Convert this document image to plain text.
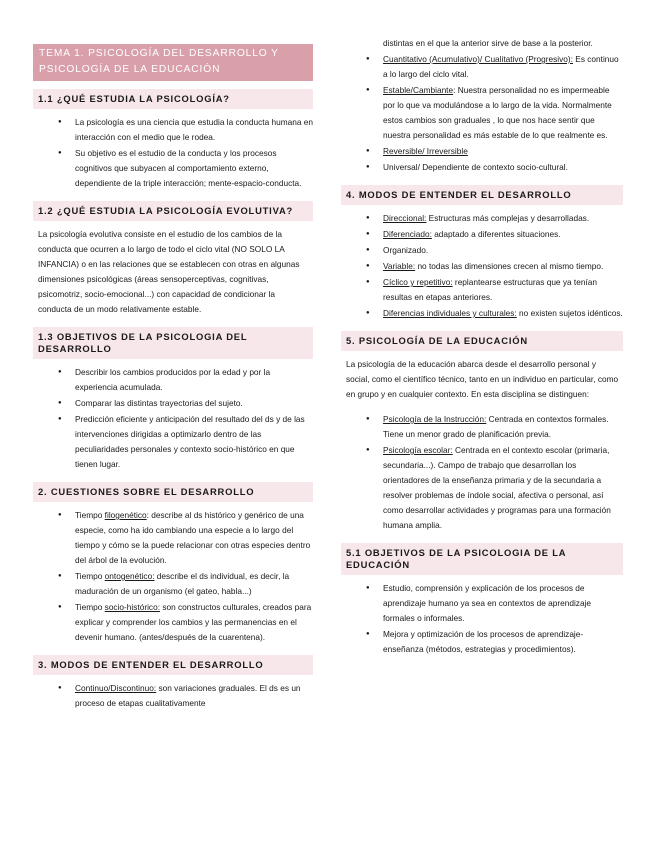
TEMA 1. PSICOLOGÍA DEL DESARROLLO Y PSICOLOGÍA DE LA EDUCACIÓN
1.1 ¿QUÉ ESTUDIA LA PSICOLOGÍA?
● La psicología es una ciencia que estudia la conducta humana en interacción con el medio que le rodea.
● Su objetivo es el estudio de la conducta y los procesos cognitivos que subyacen al comportamiento externo, dependiente de la triple interacción; mente-espacio-conducta.
1.2 ¿QUÉ ESTUDIA LA PSICOLOGÍA EVOLUTIVA?

La psicología evolutiva consiste en el estudio de los cambios de la conducta que ocurren a lo largo de todo el ciclo vital (NO SOLO LA INFANCIA) o en las relaciones que se establecen con otras en algunas dimensiones psicológicas (áreas sensoperceptivas, cognitivas, psicomotriz, socio-emocional...) con capacidad de condicionar la conducta de un modo relativamente estable.

1.3 OBJETIVOS DE LA PSICOLOGIA DEL DESARROLLO
● Describir los cambios producidos por la edad y por la experiencia acumulada.
● Comparar las distintas trayectorias del sujeto.
● Predicción eficiente y anticipación del resultado del ds y de las intervenciones dirigidas a optimizarlo dentro de las peculiaridades personales y contexto socio-histórico en que tienen lugar.
2. CUESTIONES SOBRE EL DESARROLLO
● Tiempo filogenético: describe al ds histórico y genérico de una especie, como ha ido cambiando una especie a lo largo del tiempo y cómo se la puede relacionar con otras especies dentro del árbol de la evolución.
● Tiempo ontogenético: describe el ds individual, es decir, la maduración de un organismo (el gateo, habla...)
● Tiempo socio-histórico: son constructos culturales, creados para explicar y comprender los cambios y las permanencias en el devenir humano. (antes/después de la cuarentena).
3. MODOS DE ENTENDER EL DESARROLLO
● Continuo/Discontinuo: son variaciones graduales. El ds es un proceso de etapas cualitativamente
distintas en el que la anterior sirve de base a la posterior.
● Cuantitativo (Acumulativo)/ Cualitativo (Progresivo): Es continuo a lo largo del ciclo vital.
● Estable/Cambiante: Nuestra personalidad no es impermeable por lo que va modulándose a lo largo de la vida. Normalmente estos cambios son graduales , lo que nos hace sentir que nuestra personalidad es más estable de lo que realmente es.
● Reversible/ Irreversible
● Universal/ Dependiente de contexto socio-cultural.
4. MODOS DE ENTENDER EL DESARROLLO
● Direccional: Estructuras más complejas y desarrolladas.
● Diferenciado: adaptado a diferentes situaciones.
● Organizado.
● Variable: no todas las dimensiones crecen al mismo tiempo.
● Cíclico y repetitivo: replantearse estructuras que ya tenían resultas en etapas anteriores.
● Diferencias individuales y culturales: no existen sujetos idénticos.
5. PSICOLOGÍA DE LA EDUCACIÓN

La psicología de la educación abarca desde el desarrollo personal y social, como el científico técnico, tanto en un individuo en particular, como en grupo y en cualquier contexto. En esta disciplina se distinguen:

● Psicología de la Instrucción: Centrada en contextos formales. Tiene un menor grado de planificación previa.
● Psicología escolar: Centrada en el contexto escolar (primaria, secundaria...). Campo de trabajo que desarrollan los orientadores de la enseñanza primaria y de la secundaria a resolver problemas de índole social, afectiva o personal, así como desarrollar actividades y programas para una formación humana amplia.
5.1 OBJETIVOS DE LA PSICOLOGIA DE LA EDUCACIÓN
● Estudio, comprensión y explicación de los procesos de aprendizaje humano ya sea en contextos de aprendizaje formales o informales.
● Mejora y optimización de los procesos de aprendizaje-enseñanza (métodos, estrategias y procedimientos).
